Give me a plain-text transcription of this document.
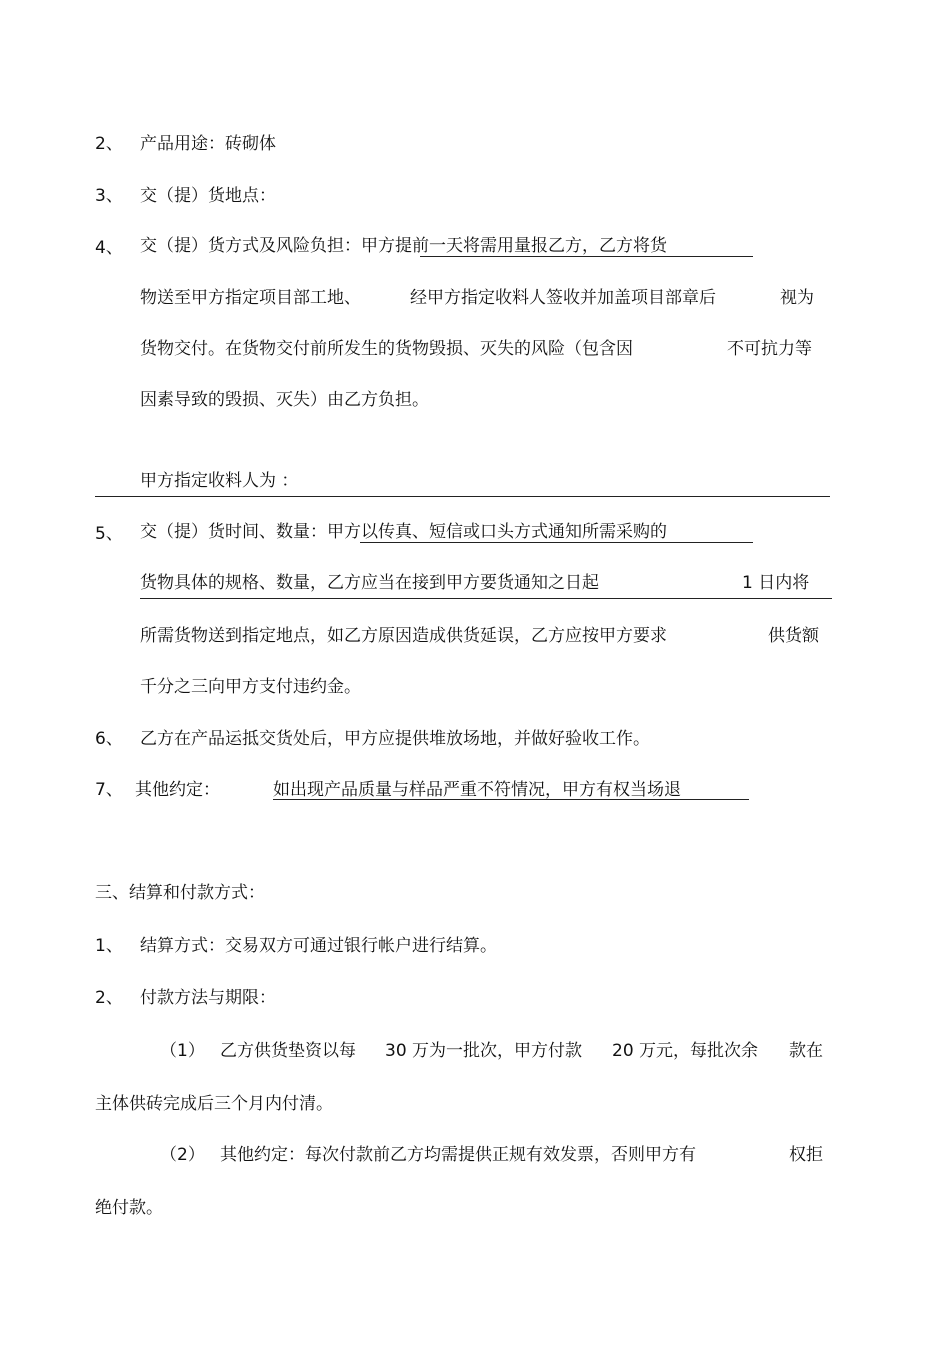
2、 产品用途：砖砌体
3、 交（提）货地点：
4、 交（提）货方式及风险负担：甲方提前一天将需用量报乙方，乙方将货
物送至甲方指定项目部工地、	经甲方指定收料人签收并加盖项目部章后	视为
货物交付。在货物交付前所发生的货物毁损、灭失的风险（包含因	不可抗力等
因素导致的毁损、灭失）由乙方负担。
甲方指定收料人为 ：
5、 交（提）货时间、数量：甲方以传真、短信或口头方式通知所需采购的
货物具体的规格、数量，乙方应当在接到甲方要货通知之日起	1 日内将
所需货物送到指定地点，如乙方原因造成供货延误，乙方应按甲方要求	供货额
千分之三向甲方支付违约金。
6、 乙方在产品运抵交货处后，甲方应提供堆放场地，并做好验收工作。
7、 其他约定：	如出现产品质量与样品严重不符情况，甲方有权当场退
三、结算和付款方式：
1、 结算方式：交易双方可通过银行帐户进行结算。
2、 付款方法与期限：
（1） 乙方供货垫资以每 30 万为一批次，甲方付款 20 万元，每批次余 款在
主体供砖完成后三个月内付清。
（2） 其他约定：每次付款前乙方均需提供正规有效发票，否则甲方有	权拒
绝付款。
